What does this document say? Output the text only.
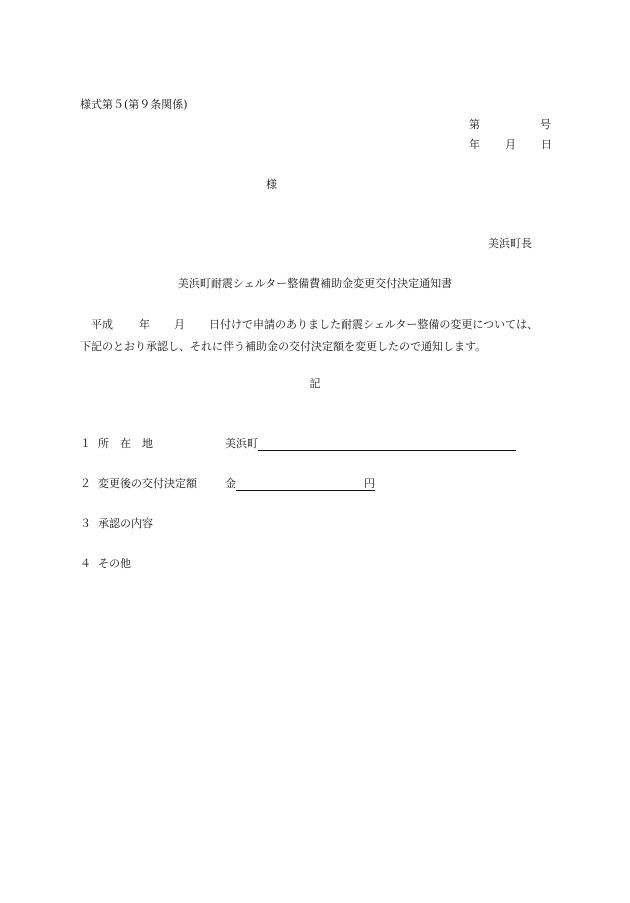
様式第５(第９条関係)
第	号
年 月 日
様
美浜町長
美浜町耐震シェルター整備費補助金変更交付決定通知書
平成 年 月 日付けで申請のありました耐震シェルター整備の変更については、
下記のとおり承認し、それに伴う補助金の交付決定額を変更したので通知します。
記
１ 所　在　地	美浜町
２ 変更後の交付決定額	金	円
３ 承認の内容
４ その他
